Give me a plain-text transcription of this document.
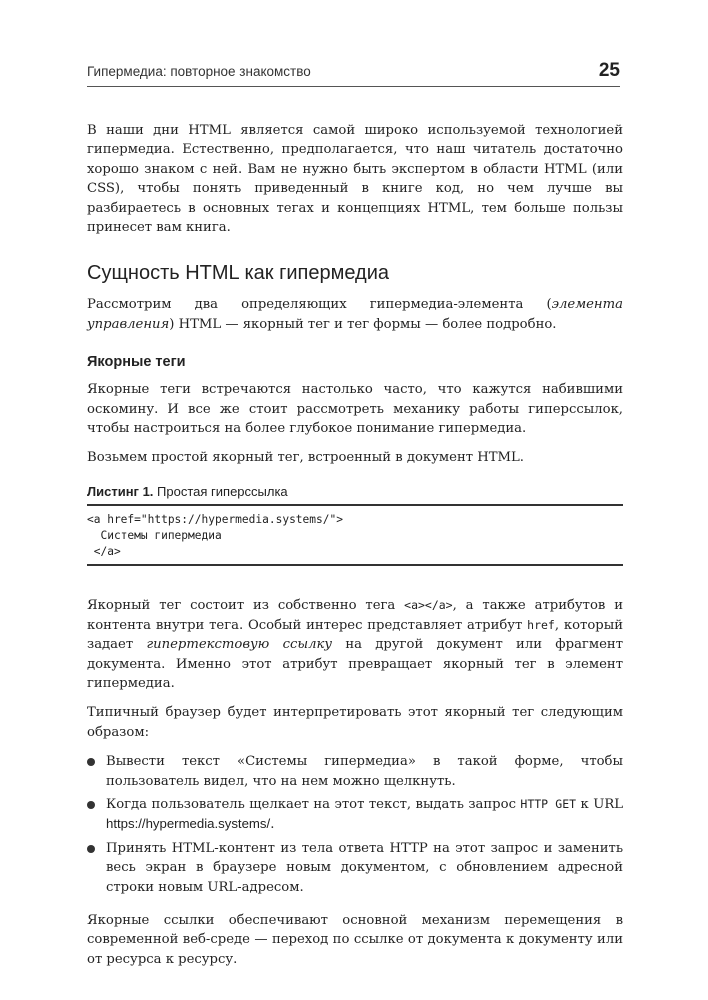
Гипермедиа: повторное знакомство	25

В наши дни HTML является самой широко используемой технологией гипермедиа. Естественно, предполагается, что наш читатель достаточно хорошо знаком с ней. Вам не нужно быть экспертом в области HTML (или CSS), чтобы понять приведенный в книге код, но чем лучше вы разбираетесь в основных тегах и концепциях HTML, тем больше пользы принесет вам книга.

Сущность HTML как гипермедиа

Рассмотрим два определяющих гипермедиа-элемента (элемента управления) HTML — якорный тег и тег формы — более подробно.

Якорные теги

Якорные теги встречаются настолько часто, что кажутся набившими оскомину. И все же стоит рассмотреть механику работы гиперссылок, чтобы настроиться на более глубокое понимание гипермедиа.

Возьмем простой якорный тег, встроенный в документ HTML.

Листинг 1. Простая гиперссылка
<a href="https://hypermedia.systems/">
Системы гипермедиа
</a>

Якорный тег состоит из собственно тега <a></a>, а также атрибутов и контента внутри тега. Особый интерес представляет атрибут href, который задает гипертекстовую ссылку на другой документ или фрагмент документа. Именно этот атрибут превращает якорный тег в элемент гипермедиа.

Типичный браузер будет интерпретировать этот якорный тег следующим образом:

Вывести текст «Системы гипермедиа» в такой форме, чтобы пользователь видел, что на нем можно щелкнуть.
Когда пользователь щелкает на этот текст, выдать запрос HTTP GET к URL https://hypermedia.systems/.
Принять HTML-контент из тела ответа HTTP на этот запрос и заменить весь экран в браузере новым документом, с обновлением адресной строки новым URL-адресом.

Якорные ссылки обеспечивают основной механизм перемещения в современной веб-среде — переход по ссылке от документа к документу или от ресурса к ресурсу.
